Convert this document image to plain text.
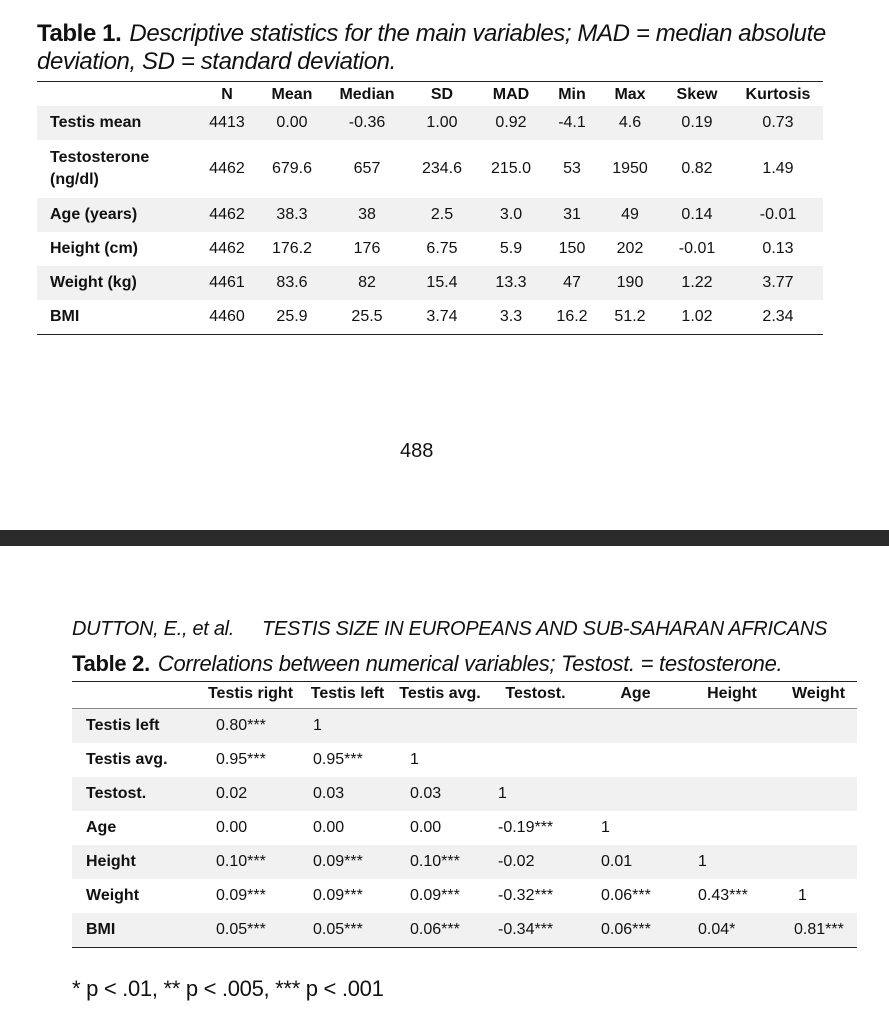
Table 1. Descriptive statistics for the main variables; MAD = median absolute deviation, SD = standard deviation.
	N	Mean	Median	SD	MAD	Min	Max	Skew	Kurtosis
Testis mean	4413	0.00	-0.36	1.00	0.92	-4.1	4.6	0.19	0.73
Testosterone (ng/dl)	4462	679.6	657	234.6	215.0	53	1950	0.82	1.49
Age (years)	4462	38.3	38	2.5	3.0	31	49	0.14	-0.01
Height (cm)	4462	176.2	176	6.75	5.9	150	202	-0.01	0.13
Weight (kg)	4461	83.6	82	15.4	13.3	47	190	1.22	3.77
BMI	4460	25.9	25.5	3.74	3.3	16.2	51.2	1.02	2.34
488
DUTTON, E., et al. TESTIS SIZE IN EUROPEANS AND SUB-SAHARAN AFRICANS
Table 2. Correlations between numerical variables; Testost. = testosterone.
	Testis right	Testis left	Testis avg.	Testost.	Age	Height	Weight
Testis left	0.80***	1					
Testis avg.	0.95***	0.95***	1				
Testost.	0.02	0.03	0.03	1			
Age	0.00	0.00	0.00	-0.19***	1		
Height	0.10***	0.09***	0.10***	-0.02	0.01	1	
Weight	0.09***	0.09***	0.09***	-0.32***	0.06***	0.43***	1
BMI	0.05***	0.05***	0.06***	-0.34***	0.06***	0.04*	0.81***
* p < .01, ** p < .005, *** p < .001
